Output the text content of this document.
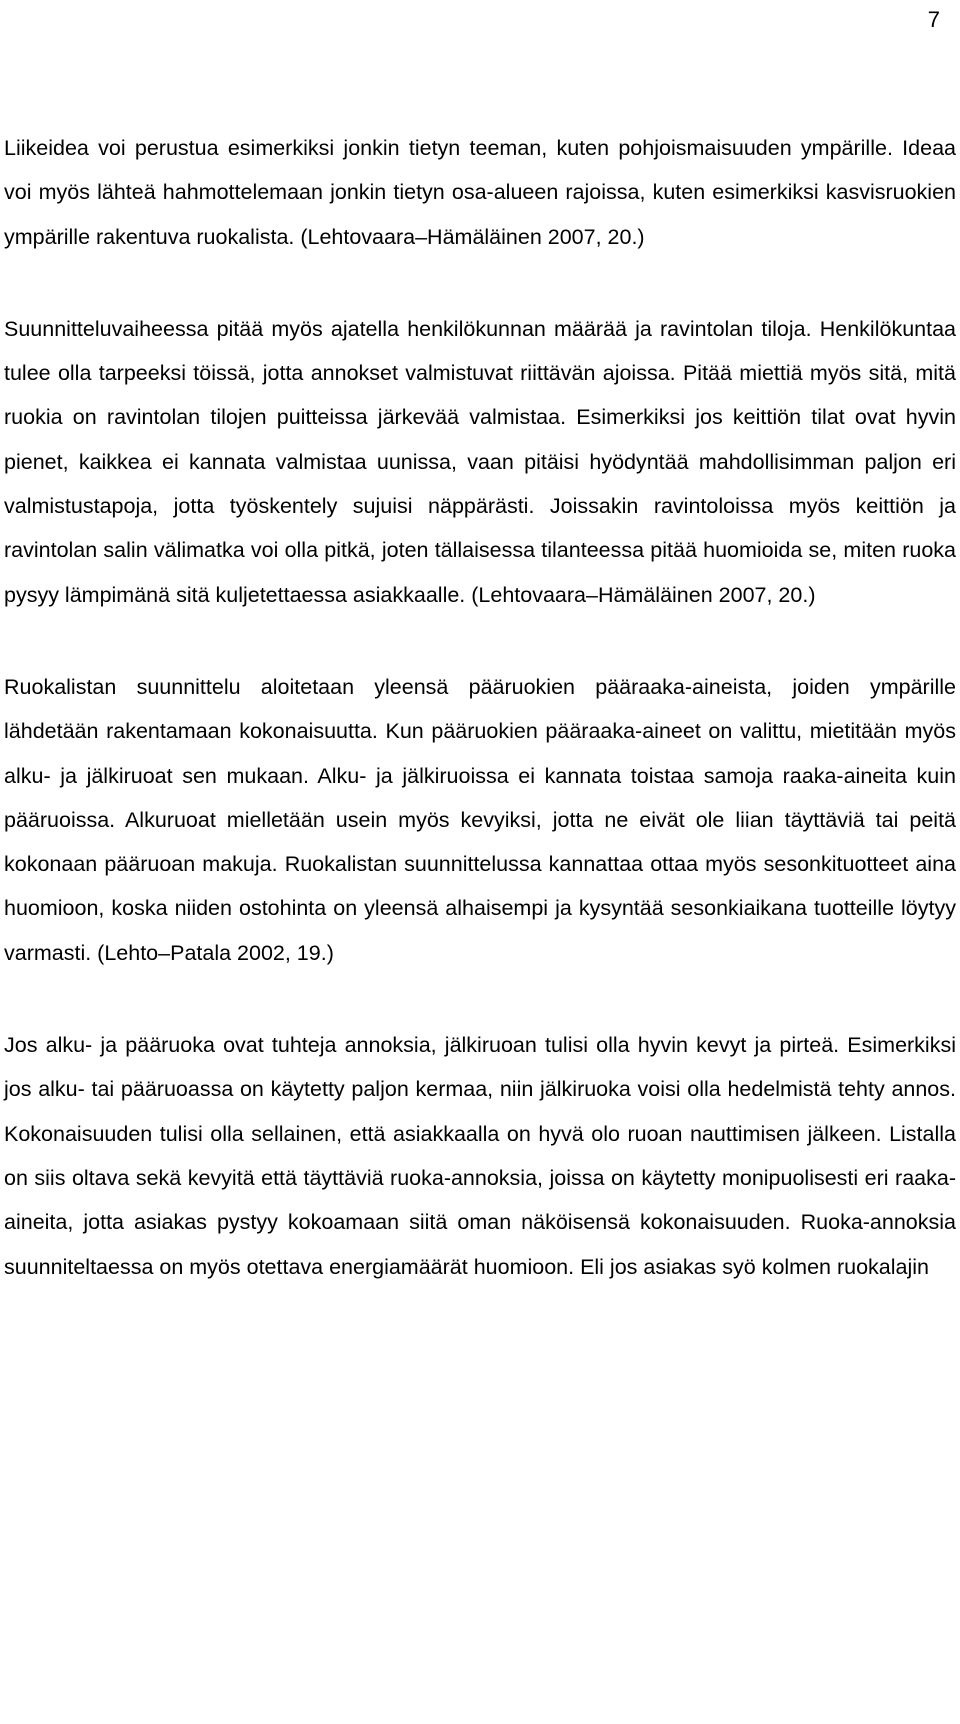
7

Liikeidea voi perustua esimerkiksi jonkin tietyn teeman, kuten pohjoismaisuuden ympärille. Ideaa voi myös lähteä hahmottelemaan jonkin tietyn osa-alueen rajoissa, kuten esimerkiksi kasvisruokien ympärille rakentuva ruokalista. (Lehtovaara–Hämäläinen 2007, 20.)

Suunnitteluvaiheessa pitää myös ajatella henkilökunnan määrää ja ravintolan tiloja. Henkilökuntaa tulee olla tarpeeksi töissä, jotta annokset valmistuvat riittävän ajoissa. Pitää miettiä myös sitä, mitä ruokia on ravintolan tilojen puitteissa järkevää valmistaa. Esimerkiksi jos keittiön tilat ovat hyvin pienet, kaikkea ei kannata valmistaa uunissa, vaan pitäisi hyödyntää mahdollisimman paljon eri valmistustapoja, jotta työskentely sujuisi näppärästi. Joissakin ravintoloissa myös keittiön ja ravintolan salin välimatka voi olla pitkä, joten tällaisessa tilanteessa pitää huomioida se, miten ruoka pysyy lämpimänä sitä kuljetettaessa asiakkaalle. (Lehtovaara–Hämäläinen 2007, 20.)

Ruokalistan suunnittelu aloitetaan yleensä pääruokien pääraaka-aineista, joiden ympärille lähdetään rakentamaan kokonaisuutta. Kun pääruokien pääraaka-aineet on valittu, mietitään myös alku- ja jälkiruoat sen mukaan. Alku- ja jälkiruoissa ei kannata toistaa samoja raaka-aineita kuin pääruoissa. Alkuruoat mielletään usein myös kevyiksi, jotta ne eivät ole liian täyttäviä tai peitä kokonaan pääruoan makuja. Ruokalistan suunnittelussa kannattaa ottaa myös sesonkituotteet aina huomioon, koska niiden ostohinta on yleensä alhaisempi ja kysyntää sesonkiaikana tuotteille löytyy varmasti. (Lehto–Patala 2002, 19.)

Jos alku- ja pääruoka ovat tuhteja annoksia, jälkiruoan tulisi olla hyvin kevyt ja pirteä. Esimerkiksi jos alku- tai pääruoassa on käytetty paljon kermaa, niin jälkiruoka voisi olla hedelmistä tehty annos. Kokonaisuuden tulisi olla sellainen, että asiakkaalla on hyvä olo ruoan nauttimisen jälkeen. Listalla on siis oltava sekä kevyitä että täyttäviä ruoka-annoksia, joissa on käytetty monipuolisesti eri raaka-aineita, jotta asiakas pystyy kokoamaan siitä oman näköisensä kokonaisuuden. Ruoka-annoksia suunniteltaessa on myös otettava energiamäärät huomioon. Eli jos asiakas syö kolmen ruokalajin
